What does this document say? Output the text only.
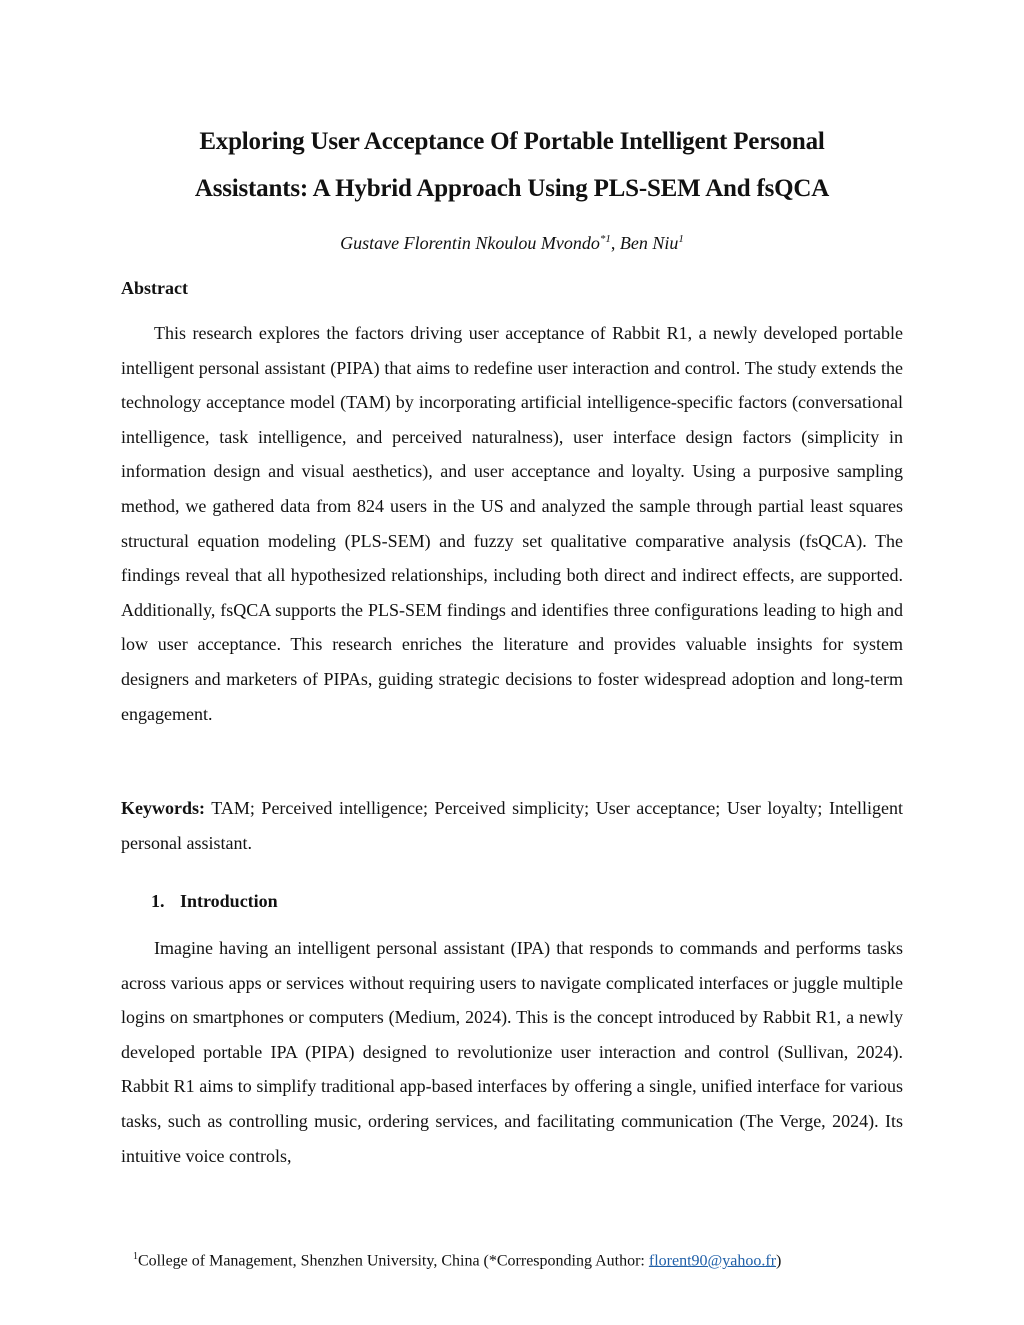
Exploring User Acceptance Of Portable Intelligent Personal
Assistants: A Hybrid Approach Using PLS-SEM And fsQCA
Gustave Florentin Nkoulou Mvondo$^{*1}$, Ben Niu$^1$
Abstract

This research explores the factors driving user acceptance of Rabbit R1, a newly developed portable intelligent personal assistant (PIPA) that aims to redefine user interaction and control. The study extends the technology acceptance model (TAM) by incorporating artificial intelligence-specific factors (conversational intelligence, task intelligence, and perceived naturalness), user interface design factors (simplicity in information design and visual aesthetics), and user acceptance and loyalty. Using a purposive sampling method, we gathered data from 824 users in the US and analyzed the sample through partial least squares structural equation modeling (PLS-SEM) and fuzzy set qualitative comparative analysis (fsQCA). The findings reveal that all hypothesized relationships, including both direct and indirect effects, are supported. Additionally, fsQCA supports the PLS-SEM findings and identifies three configurations leading to high and low user acceptance. This research enriches the literature and provides valuable insights for system designers and marketers of PIPAs, guiding strategic decisions to foster widespread adoption and long-term engagement.

Keywords: TAM; Perceived intelligence; Perceived simplicity; User acceptance; User loyalty; Intelligent personal assistant.

1. Introduction

Imagine having an intelligent personal assistant (IPA) that responds to commands and performs tasks across various apps or services without requiring users to navigate complicated interfaces or juggle multiple logins on smartphones or computers (Medium, 2024). This is the concept introduced by Rabbit R1, a newly developed portable IPA (PIPA) designed to revolutionize user interaction and control (Sullivan, 2024). Rabbit R1 aims to simplify traditional app-based interfaces by offering a single, unified interface for various tasks, such as controlling music, ordering services, and facilitating communication (The Verge, 2024). Its intuitive voice controls,

$^1$College of Management, Shenzhen University, China (*Corresponding Author: florent90@yahoo.fr)
